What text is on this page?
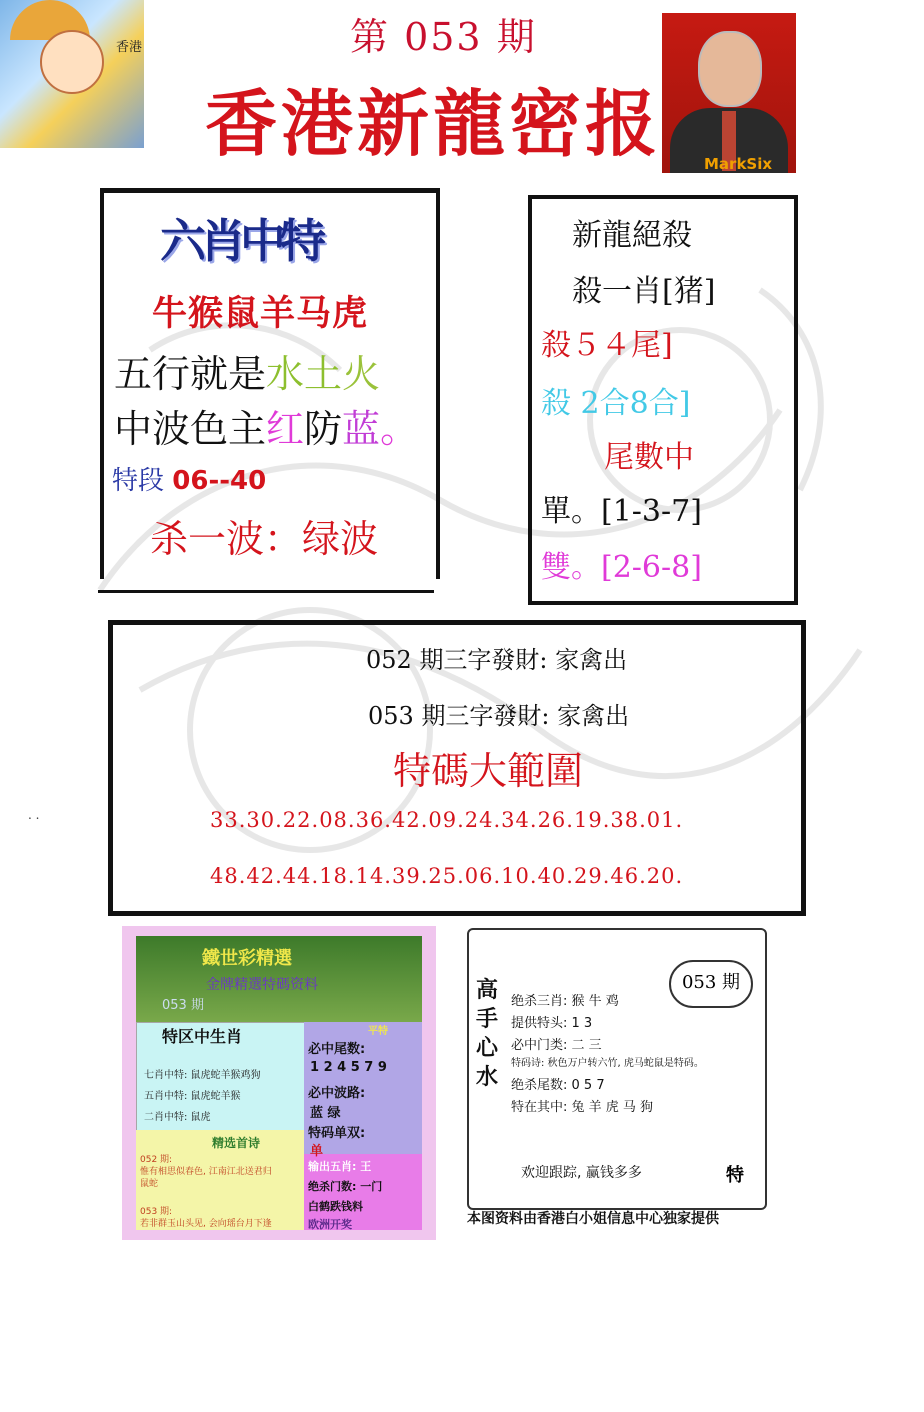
香港	第 053 期
香港新龍密报	MarkSix
六肖中特
牛猴鼠羊马虎
五行就是水土火
中波色主红防蓝。
特段 06--40
杀一波：绿波
新龍絕殺
殺一肖[猪]
殺５４尾]
殺 2合8合]
尾數中
單。[1-3-7]
雙。[2-6-8]
052 期三字發財: 家禽出
053 期三字發財: 家禽出
特碼大範圍
33.30.22.08.36.42.09.24.34.26.19.38.01.
48.42.44.18.14.39.25.06.10.40.29.46.20.
. .
鐵世彩精選
金牌精選特碼资料
053 期
特区中生肖
七肖中特: 鼠虎蛇羊猴鸡狗
五肖中特: 鼠虎蛇羊猴
二肖中特: 鼠虎
平特
必中尾数:
1 2 4 5 7 9
必中波路:
蓝 绿
特码单双:
单
精选首诗
052 期:
惟有相思似春色, 江南江北送君归
鼠蛇
053 期:
若非群玉山头见, 会向瑶台月下逢
输出五肖: 王
绝杀门数: 一门
白鹤跌钱料
欧洲开奖
高手心水
053 期
绝杀三肖: 猴 牛 鸡
提供特头: 1 3
必中门类: 二 三
特码诗: 秋色万户转六竹, 虎马蛇鼠是特码。
绝杀尾数: 0 5 7
特在其中: 兔 羊 虎 马 狗
欢迎跟踪, 赢钱多多	特
本图资料由香港白小姐信息中心独家提供
